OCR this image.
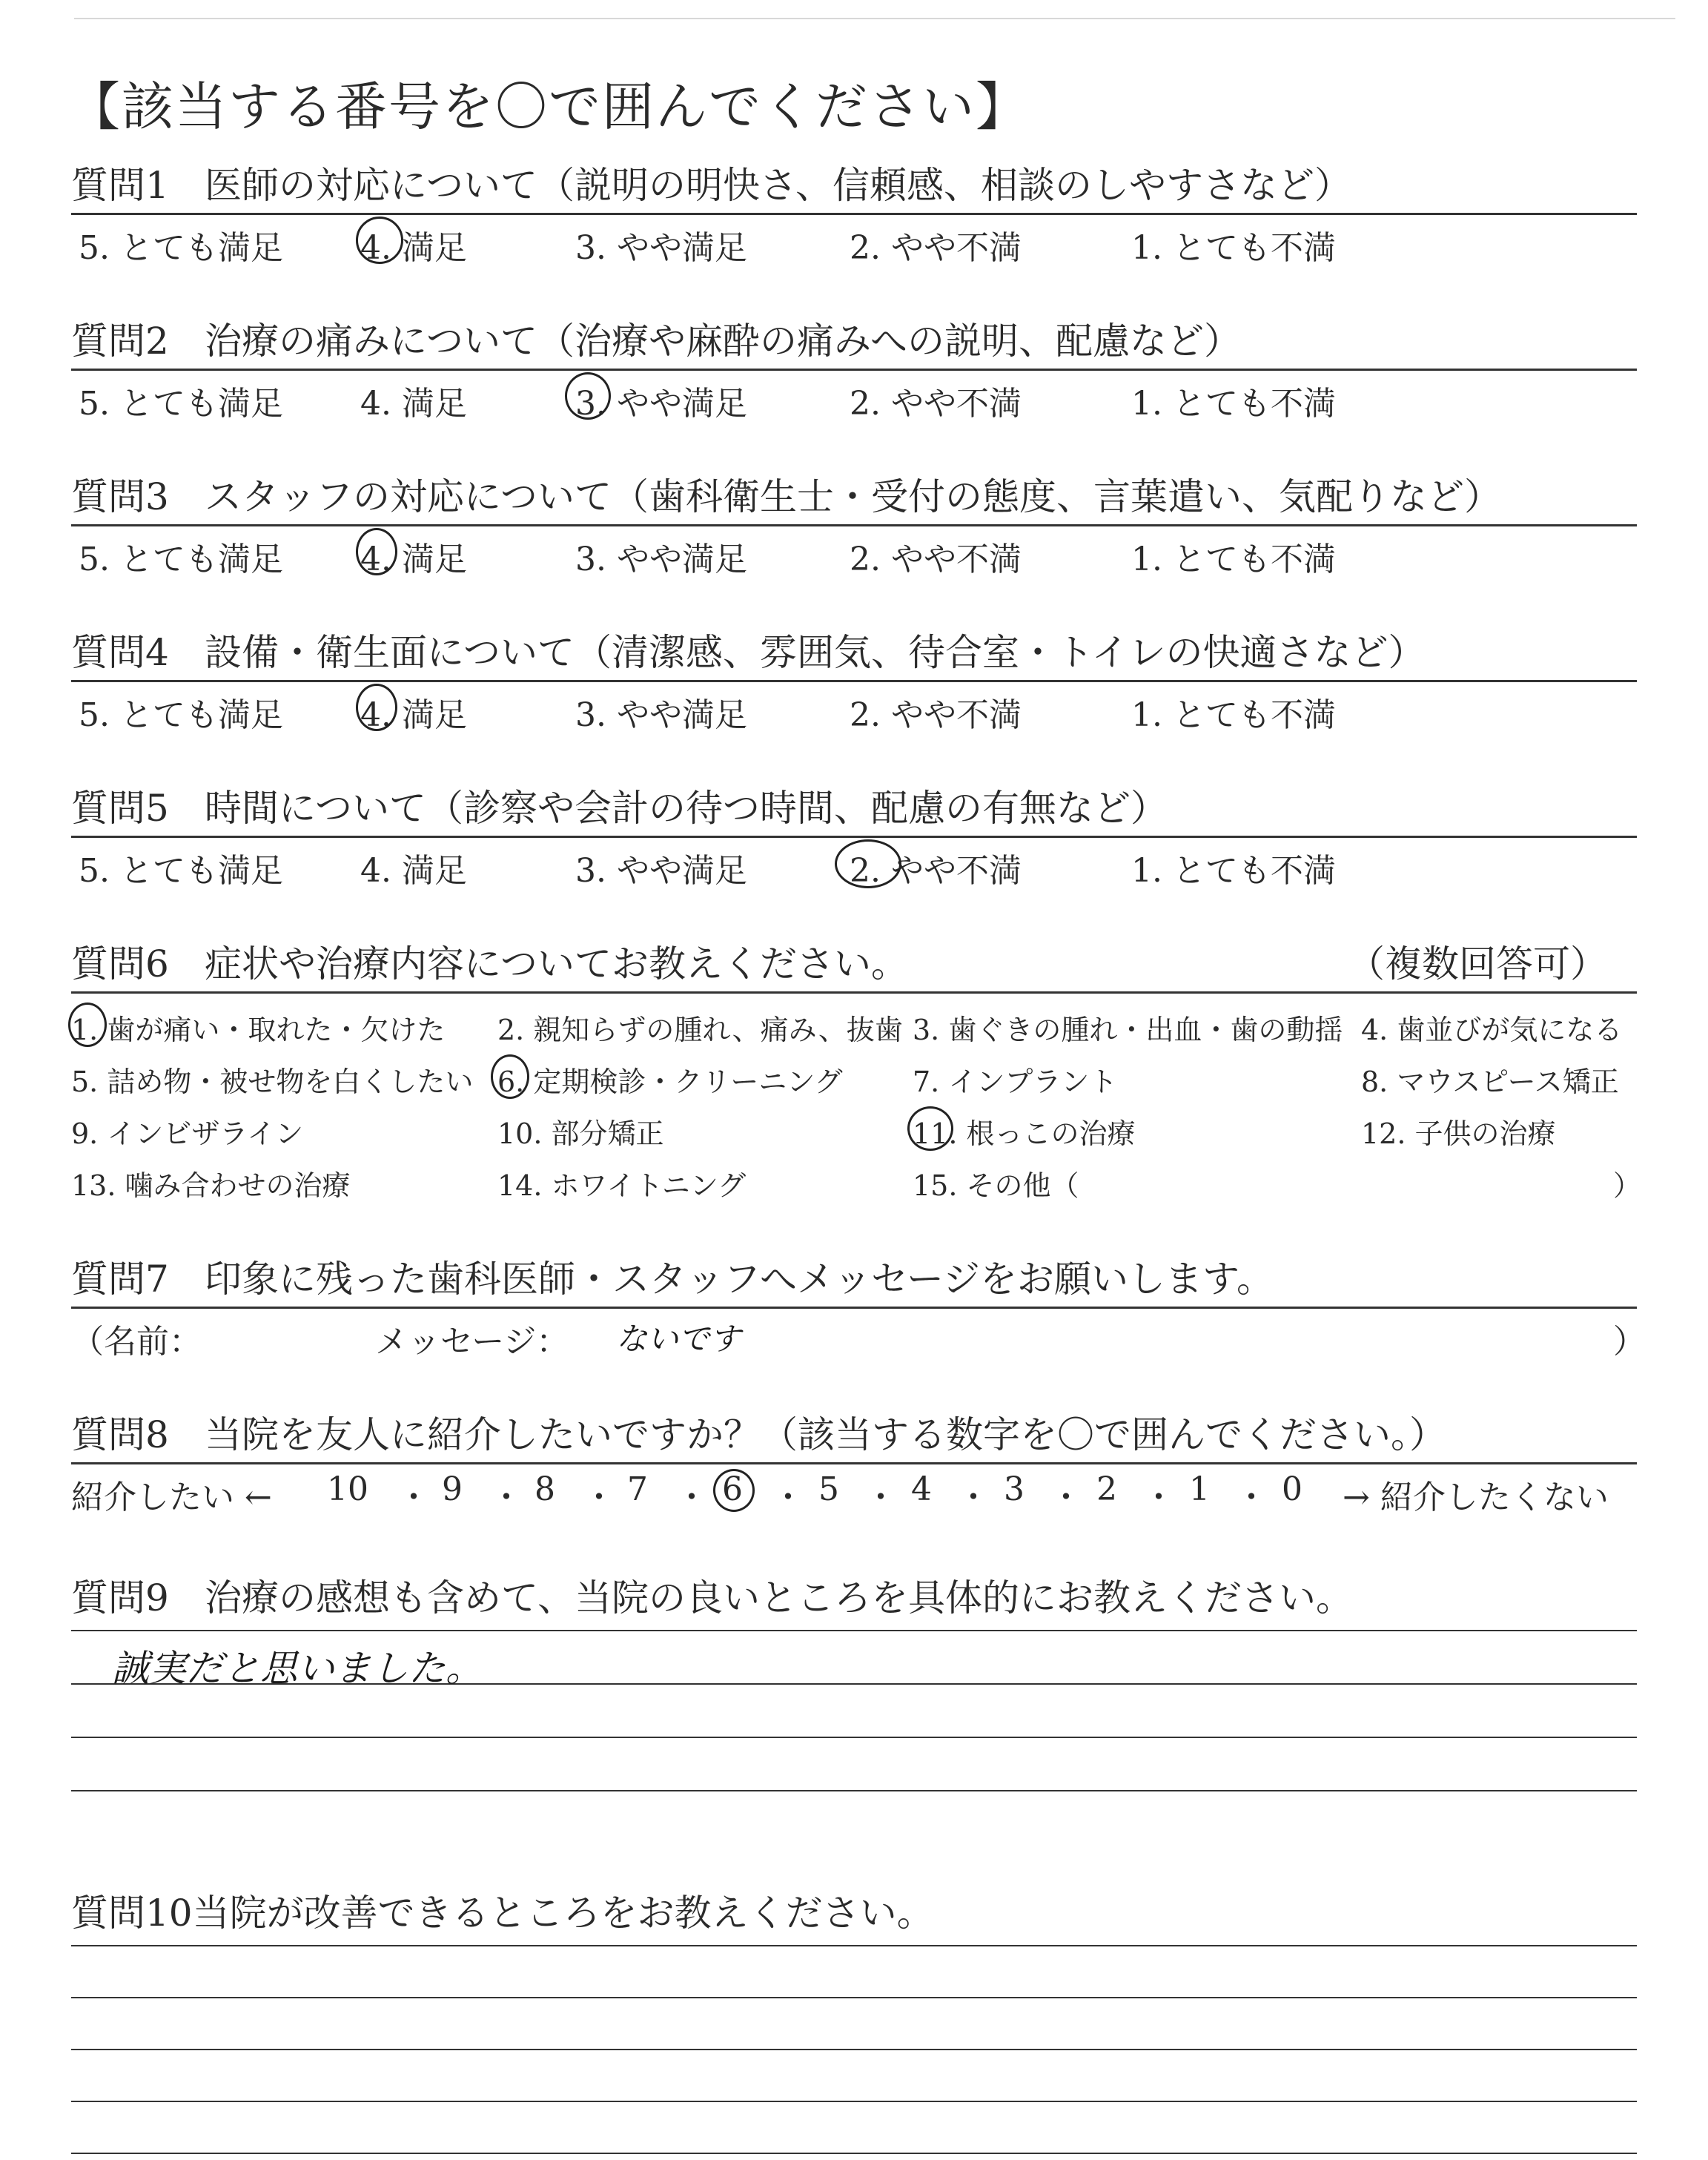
【該当する番号を〇で囲んでください】
質問1 医師の対応について（説明の明快さ、信頼感、相談のしやすさなど）
5. とても満足 4. 満足	3. やや満足	2. やや不満	1. とても不満
質問2 治療の痛みについて（治療や麻酔の痛みへの説明、配慮など）
5. とても満足 4. 満足	3. やや満足	2. やや不満	1. とても不満
質問3 スタッフの対応について（歯科衛生士・受付の態度、言葉遣い、気配りなど）
5. とても満足 4. 満足	3. やや満足	2. やや不満	1. とても不満
質問4 設備・衛生面について（清潔感、雰囲気、待合室・トイレの快適さなど）
5. とても満足 4. 満足	3. やや満足	2. やや不満	1. とても不満
質問5 時間について（診察や会計の待つ時間、配慮の有無など）
5. とても満足 4. 満足	3. やや満足	2. やや不満	1. とても不満
質問6 症状や治療内容についてお教えください。	（複数回答可）
1. 歯が痛い・取れた・欠けた 2. 親知らずの腫れ、痛み、抜歯 3. 歯ぐきの腫れ・出血・歯の動揺 4. 歯並びが気になる
5. 詰め物・被せ物を白くしたい 6. 定期検診・クリーニング 7. インプラント	8. マウスピース矯正
9. インビザライン	10. 部分矯正	11. 根っこの治療	12. 子供の治療
13. 噛み合わせの治療	14. ホワイトニング	15. その他（	）
質問7 印象に残った歯科医師・スタッフへメッセージをお願いします。
（名前：
	メッセージ： ないです	）
質問8 当院を友人に紹介したいですか？（該当する数字を〇で囲んでください。）
紹介したい ← 10 ・ 9 ・ 8 ・ 7 ・ 6 ・ 5 ・ 4 ・ 3 ・ 2 ・ 1 ・ 0 → 紹介したくない
質問9 治療の感想も含めて、当院の良いところを具体的にお教えください。
誠実だと思いました。
質問10当院が改善できるところをお教えください。
